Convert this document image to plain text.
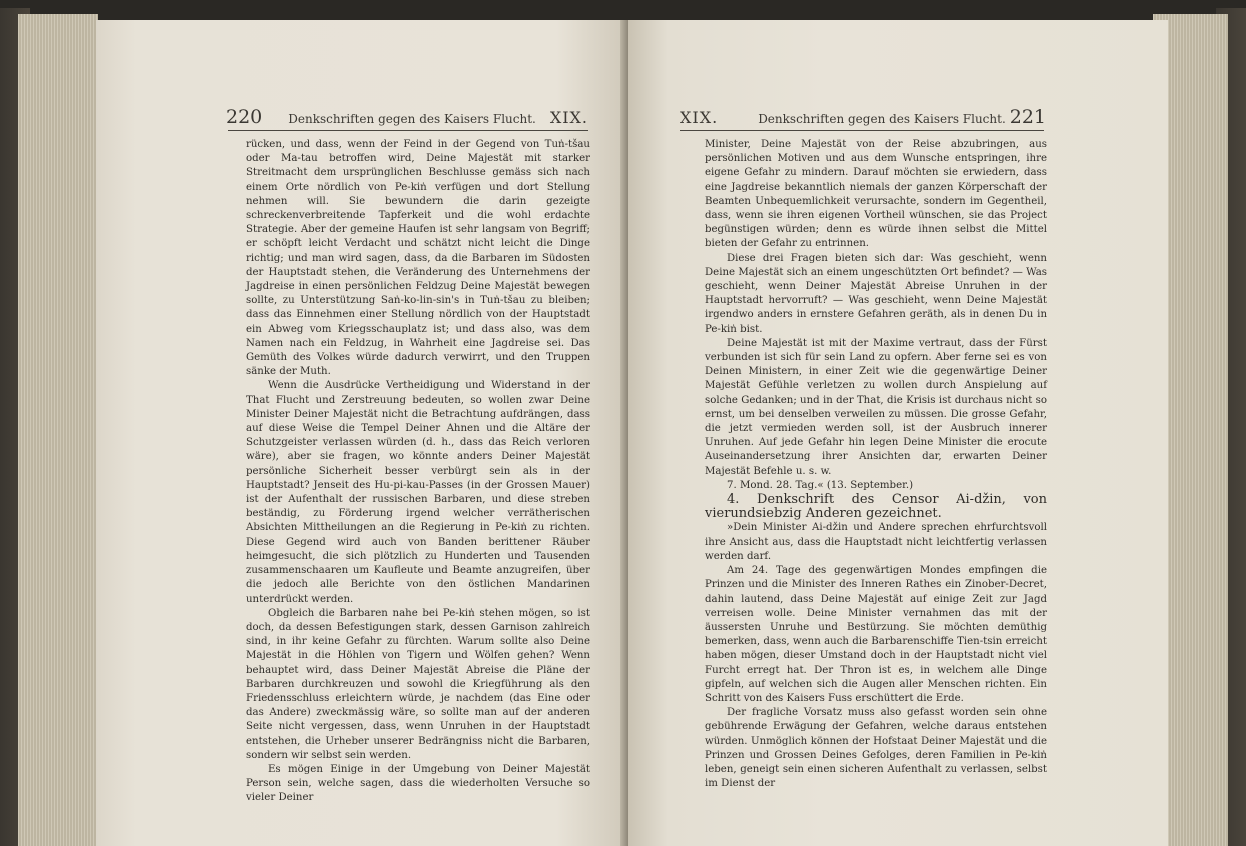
220 Denkschriften gegen des Kaisers Flucht. XIX.

rücken, und dass, wenn der Feind in der Gegend von Tuṅ-tšau oder Ma-tau betroffen wird, Deine Majestät mit starker Streitmacht dem ursprünglichen Beschlusse gemäss sich nach einem Orte nördlich von Pe-kiṅ verfügen und dort Stellung nehmen will. Sie bewundern die darin gezeigte schreckenverbreitende Tapferkeit und die wohl erdachte Strategie. Aber der gemeine Haufen ist sehr langsam von Begriff; er schöpft leicht Verdacht und schätzt nicht leicht die Dinge richtig; und man wird sagen, dass, da die Barbaren im Südosten der Hauptstadt stehen, die Veränderung des Unternehmens der Jagdreise in einen persönlichen Feldzug Deine Majestät bewegen sollte, zu Unterstützung Saṅ-ko-lin-sin's in Tuṅ-tšau zu bleiben; dass das Einnehmen einer Stellung nördlich von der Hauptstadt ein Abweg vom Kriegsschauplatz ist; und dass also, was dem Namen nach ein Feldzug, in Wahrheit eine Jagdreise sei. Das Gemüth des Volkes würde dadurch verwirrt, und den Truppen sänke der Muth.

Wenn die Ausdrücke Vertheidigung und Widerstand in der That Flucht und Zerstreuung bedeuten, so wollen zwar Deine Minister Deiner Majestät nicht die Betrachtung aufdrängen, dass auf diese Weise die Tempel Deiner Ahnen und die Altäre der Schutzgeister verlassen würden (d. h., dass das Reich verloren wäre), aber sie fragen, wo könnte anders Deiner Majestät persönliche Sicherheit besser verbürgt sein als in der Hauptstadt? Jenseit des Hu-pi-kau-Passes (in der Grossen Mauer) ist der Aufenthalt der russischen Barbaren, und diese streben beständig, zu Förderung irgend welcher verrätherischen Absichten Mittheilungen an die Regierung in Pe-kiṅ zu richten. Diese Gegend wird auch von Banden berittener Räuber heimgesucht, die sich plötzlich zu Hunderten und Tausenden zusammenschaaren um Kaufleute und Beamte anzugreifen, über die jedoch alle Berichte von den östlichen Mandarinen unterdrückt werden.

Obgleich die Barbaren nahe bei Pe-kiṅ stehen mögen, so ist doch, da dessen Befestigungen stark, dessen Garnison zahlreich sind, in ihr keine Gefahr zu fürchten. Warum sollte also Deine Majestät in die Höhlen von Tigern und Wölfen gehen? Wenn behauptet wird, dass Deiner Majestät Abreise die Pläne der Barbaren durchkreuzen und sowohl die Kriegführung als den Friedensschluss erleichtern würde, je nachdem (das Eine oder das Andere) zweckmässig wäre, so sollte man auf der anderen Seite nicht vergessen, dass, wenn Unruhen in der Hauptstadt entstehen, die Urheber unserer Bedrängniss nicht die Barbaren, sondern wir selbst sein werden.

Es mögen Einige in der Umgebung von Deiner Majestät Person sein, welche sagen, dass die wiederholten Versuche so vieler Deiner

XIX.	Denkschriften gegen des Kaisers Flucht. 221

Minister, Deine Majestät von der Reise abzubringen, aus persönlichen Motiven und aus dem Wunsche entspringen, ihre eigene Gefahr zu mindern. Darauf möchten sie erwiedern, dass eine Jagdreise bekanntlich niemals der ganzen Körperschaft der Beamten Unbequemlichkeit verursachte, sondern im Gegentheil, dass, wenn sie ihren eigenen Vortheil wünschen, sie das Project begünstigen würden; denn es würde ihnen selbst die Mittel bieten der Gefahr zu entrinnen.

Diese drei Fragen bieten sich dar: Was geschieht, wenn Deine Majestät sich an einem ungeschützten Ort befindet? — Was geschieht, wenn Deiner Majestät Abreise Unruhen in der Hauptstadt hervorruft? — Was geschieht, wenn Deine Majestät irgendwo anders in ernstere Gefahren geräth, als in denen Du in Pe-kiṅ bist.

Deine Majestät ist mit der Maxime vertraut, dass der Fürst verbunden ist sich für sein Land zu opfern. Aber ferne sei es von Deinen Ministern, in einer Zeit wie die gegenwärtige Deiner Majestät Gefühle verletzen zu wollen durch Anspielung auf solche Gedanken; und in der That, die Krisis ist durchaus nicht so ernst, um bei denselben verweilen zu müssen. Die grosse Gefahr, die jetzt vermieden werden soll, ist der Ausbruch innerer Unruhen. Auf jede Gefahr hin legen Deine Minister die erocute Auseinandersetzung ihrer Ansichten dar, erwarten Deiner Majestät Befehle u. s. w.

7. Mond. 28. Tag.« (13. September.)

4. Denkschrift des Censor Ai-džin, von vierundsiebzig Anderen gezeichnet.

»Dein Minister Ai-džin und Andere sprechen ehrfurchtsvoll ihre Ansicht aus, dass die Hauptstadt nicht leichtfertig verlassen werden darf.

Am 24. Tage des gegenwärtigen Mondes empfingen die Prinzen und die Minister des Inneren Rathes ein Zinober-Decret, dahin lautend, dass Deine Majestät auf einige Zeit zur Jagd verreisen wolle. Deine Minister vernahmen das mit der äussersten Unruhe und Bestürzung. Sie möchten demüthig bemerken, dass, wenn auch die Barbarenschiffe Tien-tsin erreicht haben mögen, dieser Umstand doch in der Hauptstadt nicht viel Furcht erregt hat. Der Thron ist es, in welchem alle Dinge gipfeln, auf welchen sich die Augen aller Menschen richten. Ein Schritt von des Kaisers Fuss erschüttert die Erde.

Der fragliche Vorsatz muss also gefasst worden sein ohne gebührende Erwägung der Gefahren, welche daraus entstehen würden. Unmöglich können der Hofstaat Deiner Majestät und die Prinzen und Grossen Deines Gefolges, deren Familien in Pe-kiṅ leben, geneigt sein einen sicheren Aufenthalt zu verlassen, selbst im Dienst der
